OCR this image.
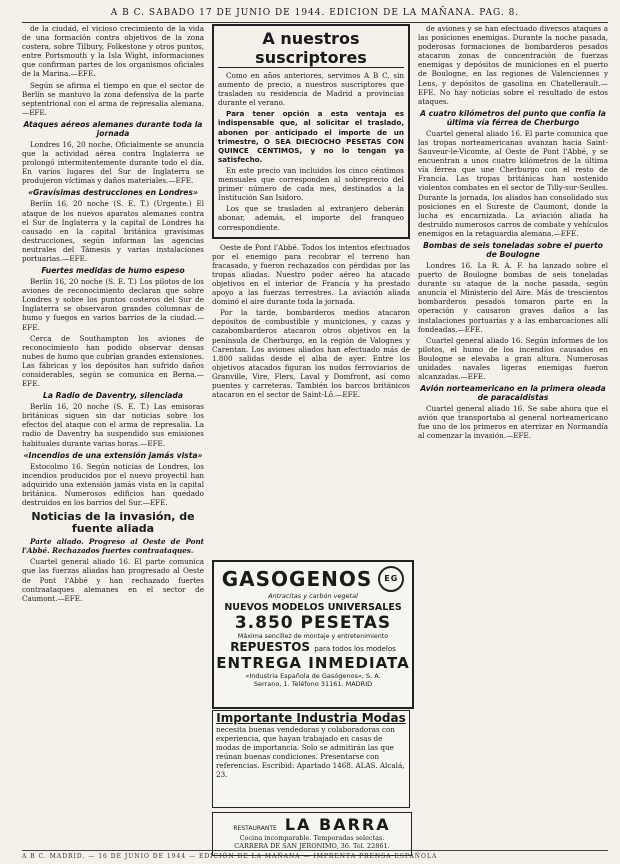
A B C. SABADO 17 DE JUNIO DE 1944. EDICION DE LA MAÑANA. PAG. 8.

de la ciudad, el vicioso crecimiento de la vida de una formación contra objetivos de la zona costera, sobre Tilbury, Folkestone y otros puntos, entre Portsmouth y la Isla Wight, informaciones que confirman partes de los organismos oficiales de la Marina.—EFE.

Según se afirma el tiempo en que el sector de Berlín se mantuvo la zona defensiva de la parte septentrional con el arma de represalia alemana.—EFE.

Ataques aéreos alemanes durante toda la jornada

Londres 16, 20 noche. Oficialmente se anuncia que la actividad aérea contra Inglaterra se prolongó intermitentemente durante todo el día. En varios lugares del Sur de Inglaterra se produjeron víctimas y daños materiales.—EFE.

«Gravísimas destrucciones en Londres»

Berlín 16, 20 noche (S. E. T.) (Urgente.) El ataque de los nuevos aparatos alemanes contra el Sur de Inglaterra y la capital de Londres ha causado en la capital británica gravísimas destrucciones, según informan las agencias neutrales del Támesis y varias instalaciones portuarias.—EFE.

Fuertes medidas de humo espeso

Berlín 16, 20 noche (S. E. T.) Los pilotos de los aviones de reconocimiento declaran que sobre Londres y sobre los puntos costeros del Sur de Inglaterra se observaron grandes columnas de humo y fuegos en varios barrios de la ciudad.—EFE.

Cerca de Southampton los aviones de reconocimiento han podido observar densas nubes de humo que cubrían grandes extensiones. Las fábricas y los depósitos han sufrido daños considerables, según se comunica en Berna.—EFE.

La Radio de Daventry, silenciada

Berlín 16, 20 noche (S. E. T.) Las emisoras británicas siguen sin dar noticias sobre los efectos del ataque con el arma de represalia. La radio de Daventry ha suspendido sus emisiones habituales durante varias horas.—EFE.

«Incendios de una extensión jamás vista»

Estocolmo 16. Según noticias de Londres, los incendios producidos por el nuevo proyectil han adquirido una extensión jamás vista en la capital británica. Numerosos edificios han quedado destruidos en los barrios del Sur.—EFE.

Noticias de la invasión, de fuente aliada

Parte aliado. Progreso al Oeste de Pont l'Abbé. Rechazados fuertes contraataques.

Cuartel general aliado 16. El parte comunica que las fuerzas aliadas han progresado al Oeste de Pont l'Abbé y han rechazado fuertes contraataques alemanes en el sector de Caumont.—EFE.

A nuestros suscriptores

Como en años anteriores, servimos A B C, sin aumento de precio, a nuestros suscriptores que trasladen su residencia de Madrid a provincias durante el verano.

Para tener opción a esta ventaja es indispensable que, al solicitar el traslado, abonen por anticipado el importe de un trimestre, O SEA DIECIOCHO PESETAS CON QUINCE CÉNTIMOS, y no lo tengan ya satisfecho.

En este precio van incluidos los cinco céntimos mensuales que corresponden al sobreprecio del primer número de cada mes, destinados a la Institución San Isidoro.

Los que se trasladen al extranjero deberán abonar, además, el importe del franqueo correspondiente.

Oeste de Pont l'Abbé. Todos los intentos efectuados por el enemigo para recobrar el terreno han fracasado, y fueron rechazados con pérdidas por las tropas aliadas. Nuestro poder aéreo ha atacado objetivos en el interior de Francia y ha prestado apoyo a las fuerzas terrestres. La aviación aliada dominó el aire durante toda la jornada.

Por la tarde, bombarderos medios atacaron depósitos de combustible y municiones, y cazas y cazabombarderos atacaron otros objetivos en la península de Cherburgo, en la región de Valognes y Carentan. Los aviones aliados han efectuado más de 1.800 salidas desde el alba de ayer. Entre los objetivos atacados figuran los nudos ferroviarios de Granville, Vire, Flers, Laval y Domfront, así como puentes y carreteras. También los barcos británicos atacaron en el sector de Saint-Lô.—EFE.

GASOGENOS	EG
Antracitas y carbón vegetal
NUEVOS MODELOS UNIVERSALES
3.850 PESETAS
Máxima sencillez de montaje y entretenimiento
REPUESTOS para todos los modelos
ENTREGA INMEDIATA
«Industria Española de Gasógenos», S. A.
Serrano, 1. Teléfono 31161. MADRID
Importante Industria Modas
necesita buenas vendedoras y colaboradoras con experiencia, que hayan trabajado en casas de modas de importancia. Solo se admitirán las que reúnan buenas condiciones. Presentarse con referencias. Escribid: Apartado 1468. ALAS. Alcalá, 23.
RESTAURANTE LA BARRA
Cocina incomparable. Temporadas selectas.
CARRERA DE SAN JERONIMO, 36. Tel. 22861.

de aviones y se han efectuado diversos ataques a las posiciones enemigas. Durante la noche pasada, poderosas formaciones de bombarderos pesados atacaron zonas de concentración de fuerzas enemigas y depósitos de municiones en el puerto de Boulogne, en las regiones de Valenciennes y Lens, y depósitos de gasolina en Chatellerault.—EFE. No hay noticias sobre el resultado de estos ataques.

A cuatro kilómetros del punto que confía la última vía férrea de Cherburgo

Cuartel general aliado 16. El parte comunica que las tropas norteamericanas avanzan hacia Saint-Sauveur-le-Vicomte, al Oeste de Pont l'Abbé, y se encuentran a unos cuatro kilómetros de la última vía férrea que une Cherburgo con el resto de Francia. Las tropas británicas han sostenido violentos combates en el sector de Tilly-sur-Seulles. Durante la jornada, los aliados han consolidado sus posiciones en el Sureste de Caumont, donde la lucha es encarnizada. La aviación aliada ha destruido numerosos carros de combate y vehículos enemigos en la retaguardia alemana.—EFE.

Bombas de seis toneladas sobre el puerto de Boulogne

Londres 16. La R. A. F. ha lanzado sobre el puerto de Boulogne bombas de seis toneladas durante su ataque de la noche pasada, según anuncia el Ministerio del Aire. Más de trescientos bombarderos pesados tomaron parte en la operación y causaron graves daños a las instalaciones portuarias y a las embarcaciones allí fondeadas.—EFE.

Cuartel general aliado 16. Según informes de los pilotos, el humo de los incendios causados en Boulogne se elevaba a gran altura. Numerosas unidades navales ligeras enemigas fueron alcanzadas.—EFE.

Avión norteamericano en la primera oleada de paracaidistas

Cuartel general aliado 16. Se sabe ahora que el avión que transportaba al general norteamericano fue uno de los primeros en aterrizar en Normandía al comenzar la invasión.—EFE.

A B C. MADRID. — 16 DE JUNIO DE 1944 — EDICIÓN DE LA MAÑANA — IMPRENTA PRENSA ESPAÑOLA
